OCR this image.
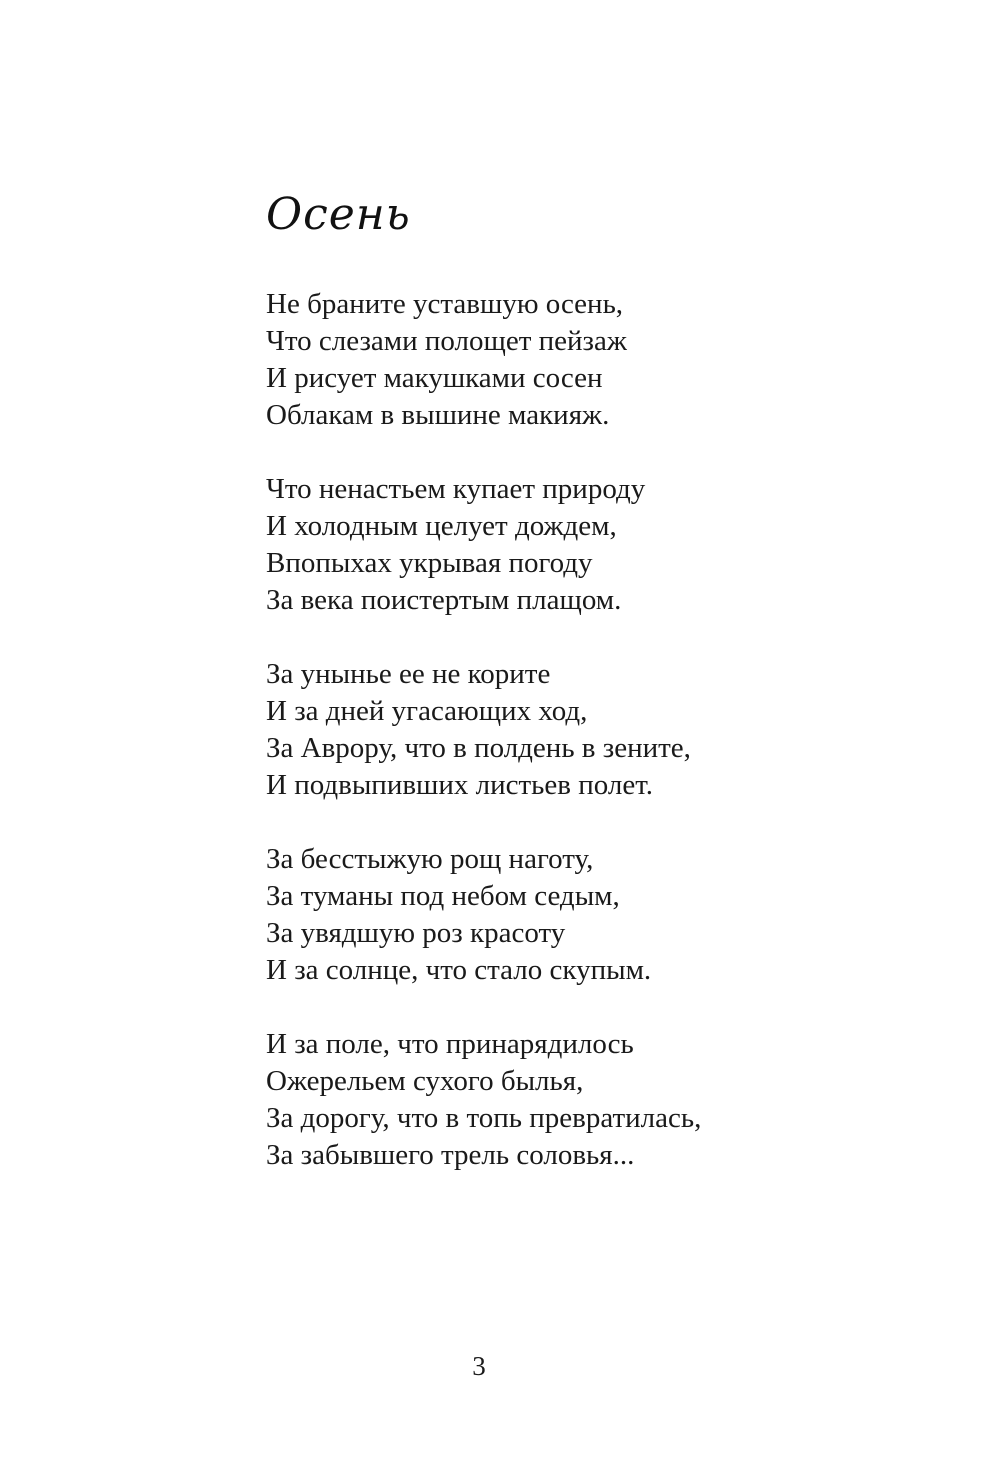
Осень
Не браните уставшую осень,
Что слезами полощет пейзаж
И рисует макушками сосен
Облакам в вышине макияж.
Что ненастьем купает природу
И холодным целует дождем,
Впопыхах укрывая погоду
За века поистертым плащом.
За унынье ее не корите
И за дней угасающих ход,
За Аврору, что в полдень в зените,
И подвыпивших листьев полет.
За бесстыжую рощ наготу,
За туманы под небом седым,
За увядшую роз красоту
И за солнце, что стало скупым.
И за поле, что принарядилось
Ожерельем сухого былья,
За дорогу, что в топь превратилась,
За забывшего трель соловья...
3
